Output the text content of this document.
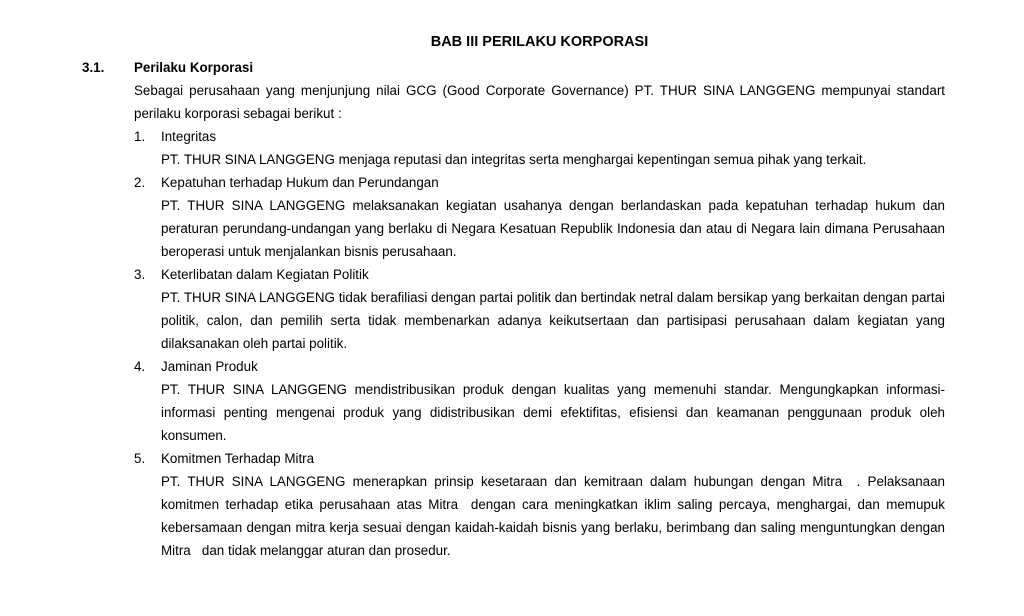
BAB III PERILAKU KORPORASI
3.1.	Perilaku Korporasi
Sebagai perusahaan yang menjunjung nilai GCG (Good Corporate Governance) PT. THUR SINA LANGGENG mempunyai standart perilaku korporasi sebagai berikut :
1. Integritas
PT. THUR SINA LANGGENG menjaga reputasi dan integritas serta menghargai kepentingan semua pihak yang terkait.
2. Kepatuhan terhadap Hukum dan Perundangan
PT. THUR SINA LANGGENG melaksanakan kegiatan usahanya dengan berlandaskan pada kepatuhan terhadap hukum dan peraturan perundang-undangan yang berlaku di Negara Kesatuan Republik Indonesia dan atau di Negara lain dimana Perusahaan beroperasi untuk menjalankan bisnis perusahaan.
3. Keterlibatan dalam Kegiatan Politik
PT. THUR SINA LANGGENG tidak berafiliasi dengan partai politik dan bertindak netral dalam bersikap yang berkaitan dengan partai politik, calon, dan pemilih serta tidak membenarkan adanya keikutsertaan dan partisipasi perusahaan dalam kegiatan yang dilaksanakan oleh partai politik.
4. Jaminan Produk
PT. THUR SINA LANGGENG mendistribusikan produk dengan kualitas yang memenuhi standar. Mengungkapkan informasi-informasi penting mengenai produk yang didistribusikan demi efektifitas, efisiensi dan keamanan penggunaan produk oleh konsumen.
5. Komitmen Terhadap Mitra
PT. THUR SINA LANGGENG menerapkan prinsip kesetaraan dan kemitraan dalam hubungan dengan Mitra  . Pelaksanaan komitmen terhadap etika perusahaan atas Mitra  dengan cara meningkatkan iklim saling percaya, menghargai, dan memupuk kebersamaan dengan mitra kerja sesuai dengan kaidah-kaidah bisnis yang berlaku, berimbang dan saling menguntungkan dengan Mitra   dan tidak melanggar aturan dan prosedur.
